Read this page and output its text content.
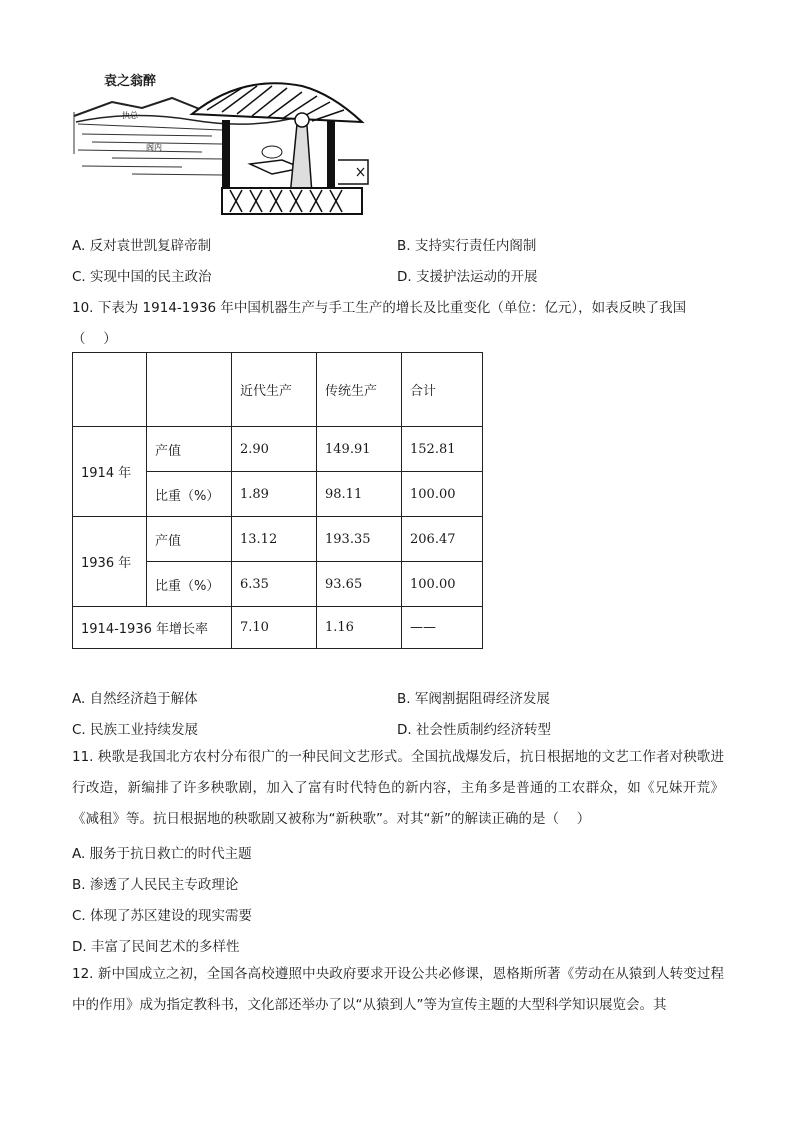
袁之翁醉
执总
阁内
A. 反对袁世凯复辟帝制	B. 支持实行责任内阁制
C. 实现中国的民主政治	D. 支援护法运动的开展
10. 下表为 1914-1936 年中国机器生产与手工生产的增长及比重变化（单位：亿元），如表反映了我国
（　 ）
		近代生产	传统生产	合计
1914 年	产值	2.90	149.91	152.81
	比重（%）	1.89	98.11	100.00
1936 年	产值	13.12	193.35	206.47
	比重（%）	6.35	93.65	100.00
1914-1936 年增长率		7.10	1.16	——
A. 自然经济趋于解体	B. 军阀割据阻碍经济发展
C. 民族工业持续发展	D. 社会性质制约经济转型

11. 秧歌是我国北方农村分布很广的一种民间文艺形式。全国抗战爆发后，抗日根据地的文艺工作者对秧歌进行改造，新编排了许多秧歌剧，加入了富有时代特色的新内容，主角多是普通的工农群众，如《兄妹开荒》《减租》等。抗日根据地的秧歌剧又被称为“新秧歌”。对其“新”的解读正确的是（　 ）

A. 服务于抗日救亡的时代主题
B. 渗透了人民民主专政理论
C. 体现了苏区建设的现实需要
D. 丰富了民间艺术的多样性

12. 新中国成立之初，全国各高校遵照中央政府要求开设公共必修课，恩格斯所著《劳动在从猿到人转变过程中的作用》成为指定教科书，文化部还举办了以“从猿到人”等为宣传主题的大型科学知识展览会。其
